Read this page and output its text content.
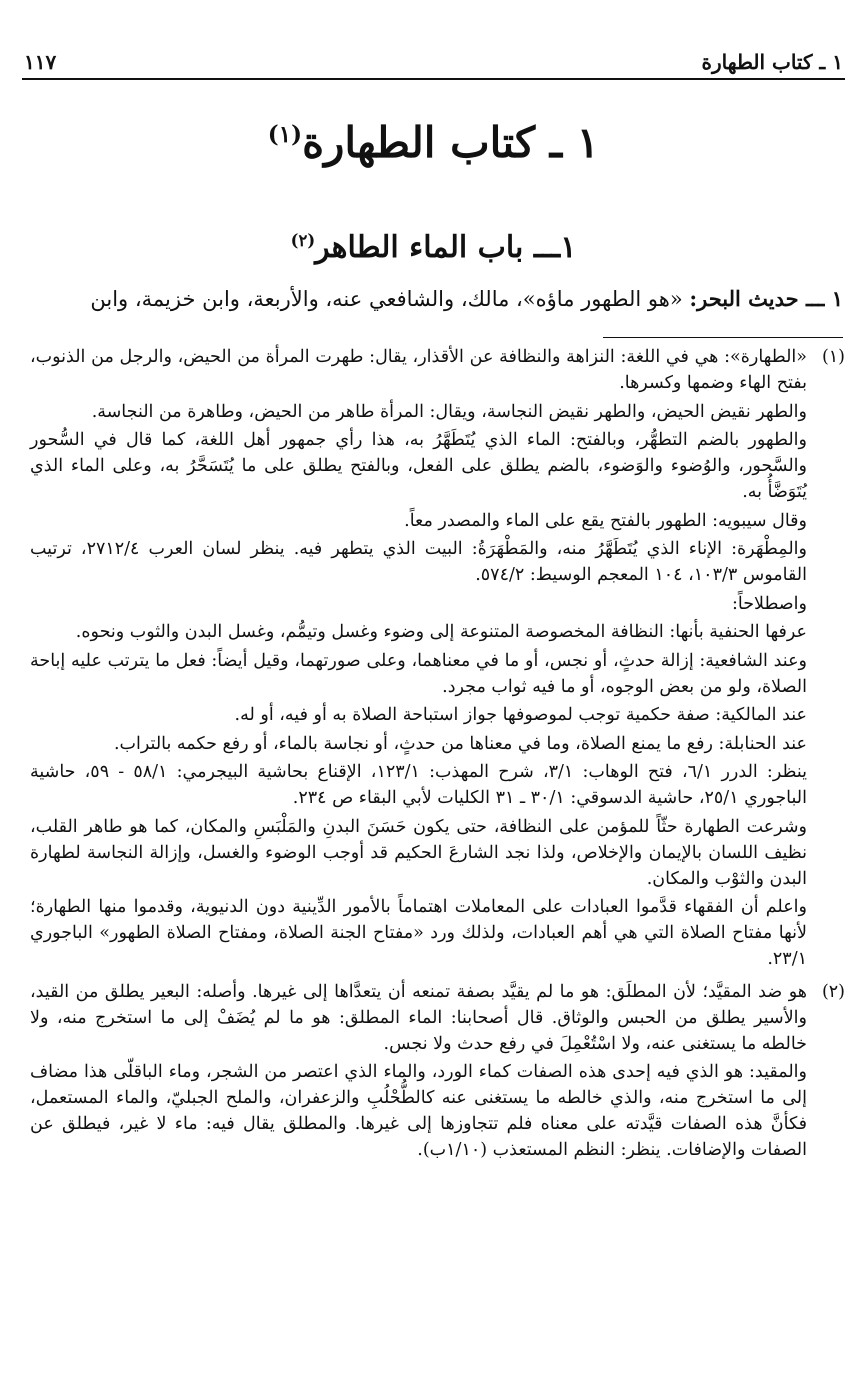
١ ـ كتاب الطهارة
١١٧
١ ـ كتاب الطهارة$^{(١)}$
١ـــ باب الماء الطاهر$^{(٢)}$
١ ـــ حديث البحر: «هو الطهور ماؤه»، مالك، والشافعي عنه، والأربعة، وابن خزيمة، وابن
(١)

«الطهارة»: هي في اللغة: النزاهة والنظافة عن الأقذار، يقال: طهرت المرأة من الحيض، والرجل من الذنوب، بفتح الهاء وضمها وكسرها.

والطهر نقيض الحيض، والطهر نقيض النجاسة، ويقال: المرأة طاهر من الحيض، وطاهرة من النجاسة.

والطهور بالضم التطهُّر، وبالفتح: الماء الذي يُتَطَهَّرُ به، هذا رأي جمهور أهل اللغة، كما قال في السُّحور والسَّحور، والوُضوء والوَضوء، بالضم يطلق على الفعل، وبالفتح يطلق على ما يُتَسَحَّرُ به، وعلى الماء الذي يُتَوَضَّأُ به.

وقال سيبويه: الطهور بالفتح يقع على الماء والمصدر معاً.

والمِطْهَرة: الإناء الذي يُتَطَهَّرُ منه، والمَطْهَرَةُ: البيت الذي يتطهر فيه. ينظر لسان العرب ٢٧١٢/٤، ترتيب القاموس ١٠٣/٣، ١٠٤ المعجم الوسيط: ٥٧٤/٢.

واصطلاحاً:

عرفها الحنفية بأنها: النظافة المخصوصة المتنوعة إلى وضوء وغسل وتيمُّم، وغسل البدن والثوب ونحوه.

وعند الشافعية: إزالة حدثٍ، أو نجس، أو ما في معناهما، وعلى صورتهما، وقيل أيضاً: فعل ما يترتب عليه إباحة الصلاة، ولو من بعض الوجوه، أو ما فيه ثواب مجرد.

عند المالكية: صفة حكمية توجب لموصوفها جواز استباحة الصلاة به أو فيه، أو له.

عند الحنابلة: رفع ما يمنع الصلاة، وما في معناها من حدثٍ، أو نجاسة بالماء، أو رفع حكمه بالتراب.

ينظر: الدرر ٦/١، فتح الوهاب: ٣/١، شرح المهذب: ١٢٣/١، الإقناع بحاشية البيجرمي: ٥٨/١ - ٥٩، حاشية الباجوري ٢٥/١، حاشية الدسوقي: ٣٠/١ ـ ٣١ الكليات لأبي البقاء ص ٢٣٤.

وشرعت الطهارة حثّاً للمؤمن على النظافة، حتى يكون حَسَنَ البدنِ والمَلْبَسِ والمكان، كما هو طاهر القلب، نظيف اللسان بالإيمان والإخلاص، ولذا نجد الشارعَ الحكيم قد أوجب الوضوء والغسل، وإزالة النجاسة لطهارة البدن والثوْب والمكان.

واعلم أن الفقهاء قدَّموا العبادات على المعاملات اهتماماً بالأمور الدِّينية دون الدنيوية، وقدموا منها الطهارة؛ لأنها مفتاح الصلاة التي هي أهم العبادات، ولذلك ورد «مفتاح الجنة الصلاة، ومفتاح الصلاة الطهور» الباجوري ٢٣/١.

(٢)

هو ضد المقيَّد؛ لأن المطلَق: هو ما لم يقيَّد بصفة تمنعه أن يتعدَّاها إلى غيرها. وأصله: البعير يطلق من القيد، والأسير يطلق من الحبس والوثاق. قال أصحابنا: الماء المطلق: هو ما لم يُضَفْ إلى ما استخرج منه، ولا خالطه ما يستغنى عنه، ولا اسْتُعْمِلَ في رفع حدث ولا نجس.

والمقيد: هو الذي فيه إحدى هذه الصفات كماء الورد، والماء الذي اعتصر من الشجر، وماء الباقلّى هذا مضاف إلى ما استخرج منه، والذي خالطه ما يستغنى عنه كالطُّحْلُبِ والزعفران، والملح الجبليّ، والماء المستعمل، فكأنَّ هذه الصفات قيَّدته على معناه فلم تتجاوزها إلى غيرها. والمطلق يقال فيه: ماء لا غير، فيطلق عن الصفات والإضافات. ينظر: النظم المستعذب (١/١٠ب).
